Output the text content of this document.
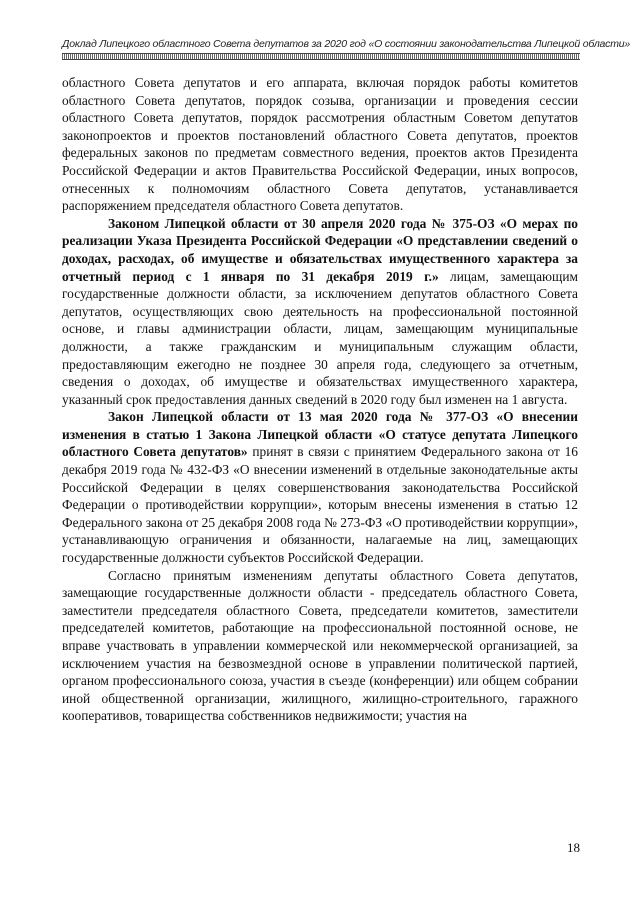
Доклад Липецкого областного Совета депутатов за 2020 год «О состоянии законодательства Липецкой области»

областного Совета депутатов и его аппарата, включая порядок работы комитетов областного Совета депутатов, порядок созыва, организации и проведения сессии областного Совета депутатов, порядок рассмотрения областным Советом депутатов законопроектов и проектов постановлений областного Совета депутатов, проектов федеральных законов по предметам совместного ведения, проектов актов Президента Российской Федерации и актов Правительства Российской Федерации, иных вопросов, отнесенных к полномочиям областного Совета депутатов, устанавливается распоряжением председателя областного Совета депутатов.

Законом Липецкой области от 30 апреля 2020 года № 375-ОЗ «О мерах по реализации Указа Президента Российской Федерации «О представлении сведений о доходах, расходах, об имуществе и обязательствах имущественного характера за отчетный период с 1 января по 31 декабря 2019 г.» лицам, замещающим государственные должности области, за исключением депутатов областного Совета депутатов, осуществляющих свою деятельность на профессиональной постоянной основе, и главы администрации области, лицам, замещающим муниципальные должности, а также гражданским и муниципальным служащим области, предоставляющим ежегодно не позднее 30 апреля года, следующего за отчетным, сведения о доходах, об имуществе и обязательствах имущественного характера, указанный срок предоставления данных сведений в 2020 году был изменен на 1 августа.

Закон Липецкой области от 13 мая 2020 года № 377-ОЗ «О внесении изменения в статью 1 Закона Липецкой области «О статусе депутата Липецкого областного Совета депутатов» принят в связи с принятием Федерального закона от 16 декабря 2019 года № 432-ФЗ «О внесении изменений в отдельные законодательные акты Российской Федерации в целях совершенствования законодательства Российской Федерации о противодействии коррупции», которым внесены изменения в статью 12 Федерального закона от 25 декабря 2008 года № 273-ФЗ «О противодействии коррупции», устанавливающую ограничения и обязанности, налагаемые на лиц, замещающих государственные должности субъектов Российской Федерации.

Согласно принятым изменениям депутаты областного Совета депутатов, замещающие государственные должности области - председатель областного Совета, заместители председателя областного Совета, председатели комитетов, заместители председателей комитетов, работающие на профессиональной постоянной основе, не вправе участвовать в управлении коммерческой или некоммерческой организацией, за исключением участия на безвозмездной основе в управлении политической партией, органом профессионального союза, участия в съезде (конференции) или общем собрании иной общественной организации, жилищного, жилищно-строительного, гаражного кооперативов, товарищества собственников недвижимости; участия на

18
